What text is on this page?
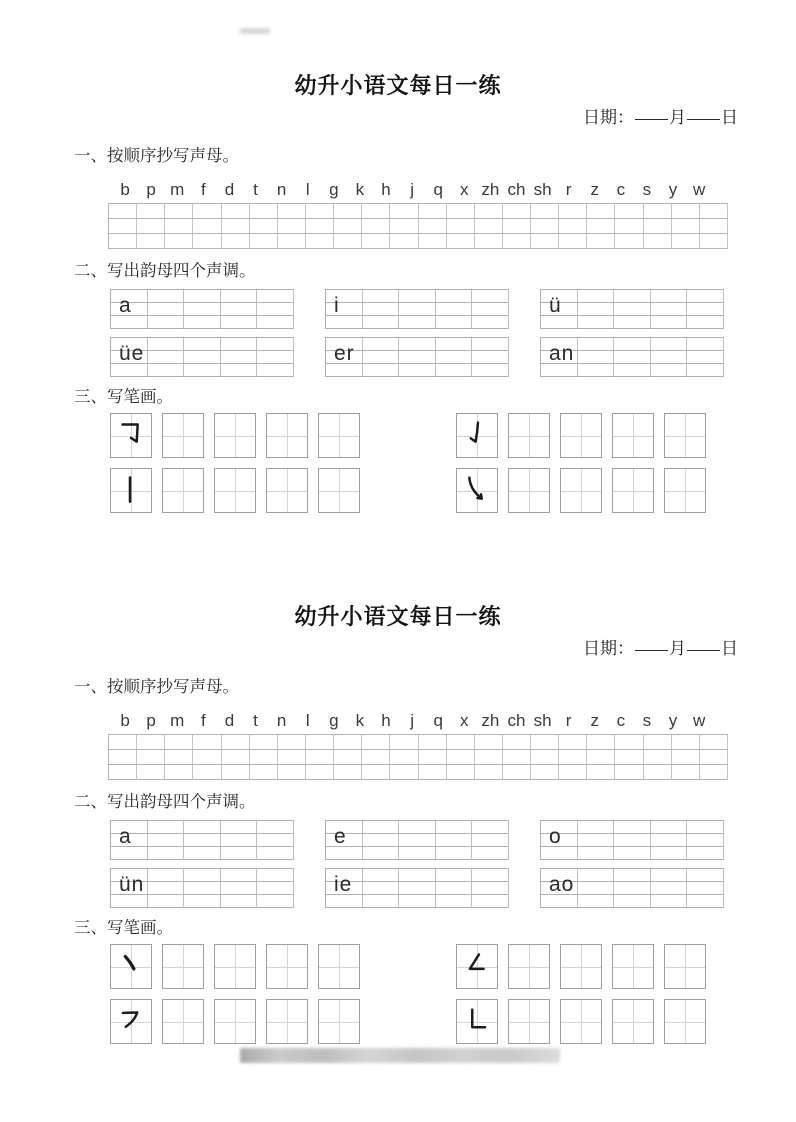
幼升小语文每日一练
日期： 月 日
一、按顺序抄写声母。
b p m f	d	t	n	l	g	k	h	j	q	x zh ch sh r	z	c	s	y w
二、写出韵母四个声调。
a	i	ü
üe	er	an
三、写笔画。
幼升小语文每日一练
日期： 月 日
一、按顺序抄写声母。
b p m f	d	t	n	l	g	k	h	j	q	x zh ch sh r	z	c	s	y w
二、写出韵母四个声调。
a	e	o
ün	ie	ao
三、写笔画。
